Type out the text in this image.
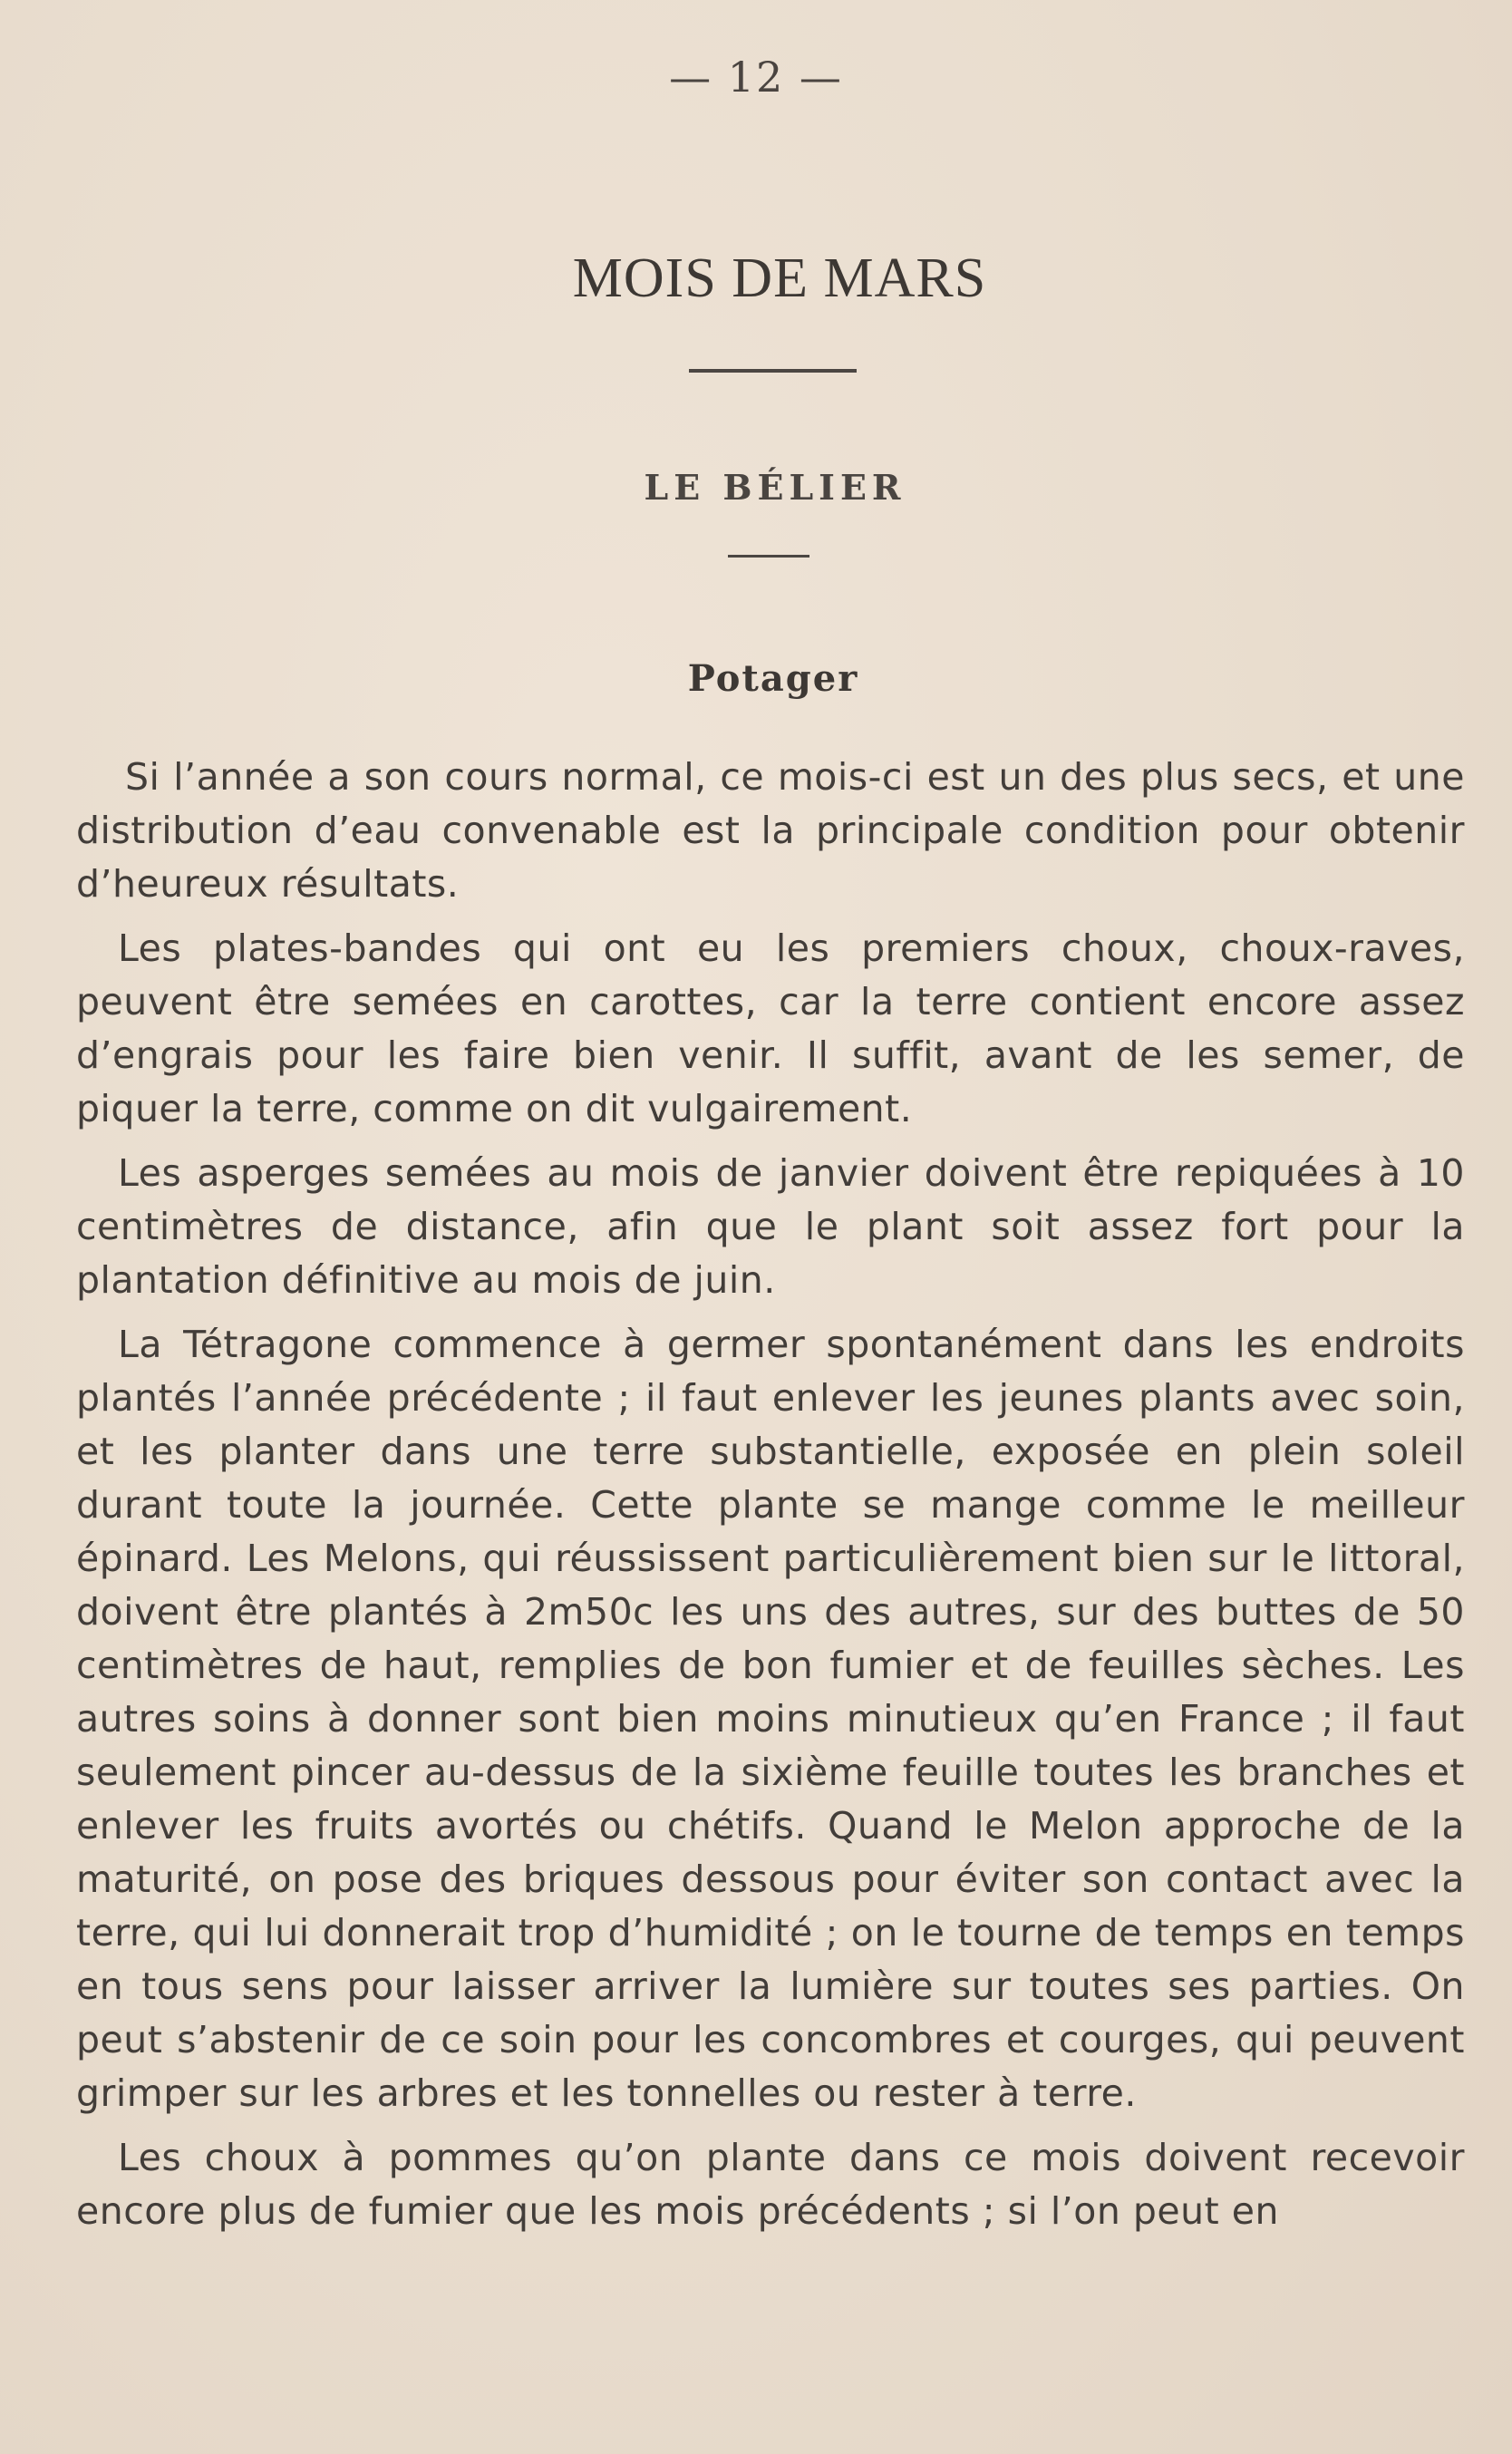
— 12 —
MOIS DE MARS
LE BÉLIER
Potager

Si l’année a son cours normal, ce mois-ci est un des plus secs, et une distribution d’eau convenable est la principale condition pour obtenir d’heureux résultats.

Les plates-bandes qui ont eu les premiers choux, choux-raves, peuvent être semées en carottes, car la terre contient encore assez d’engrais pour les faire bien venir. Il suffit, avant de les semer, de piquer la terre, comme on dit vulgairement.

Les asperges semées au mois de janvier doivent être repiquées à 10 centimètres de distance, afin que le plant soit assez fort pour la plantation définitive au mois de juin.

La Tétragone commence à germer spontanément dans les endroits plantés l’année précédente ; il faut enlever les jeunes plants avec soin, et les planter dans une terre substantielle, exposée en plein soleil durant toute la journée. Cette plante se mange comme le meilleur épinard. Les Melons, qui réussissent particulièrement bien sur le littoral, doivent être plantés à 2m50c les uns des autres, sur des buttes de 50 centimètres de haut, remplies de bon fumier et de feuilles sèches. Les autres soins à donner sont bien moins minutieux qu’en France ; il faut seulement pincer au-dessus de la sixième feuille toutes les branches et enlever les fruits avortés ou chétifs. Quand le Melon approche de la maturité, on pose des briques dessous pour éviter son contact avec la terre, qui lui donnerait trop d’humidité ; on le tourne de temps en temps en tous sens pour laisser arriver la lumière sur toutes ses parties. On peut s’abstenir de ce soin pour les concombres et courges, qui peuvent grimper sur les arbres et les tonnelles ou rester à terre.

Les choux à pommes qu’on plante dans ce mois doivent recevoir encore plus de fumier que les mois précédents ; si l’on peut en
